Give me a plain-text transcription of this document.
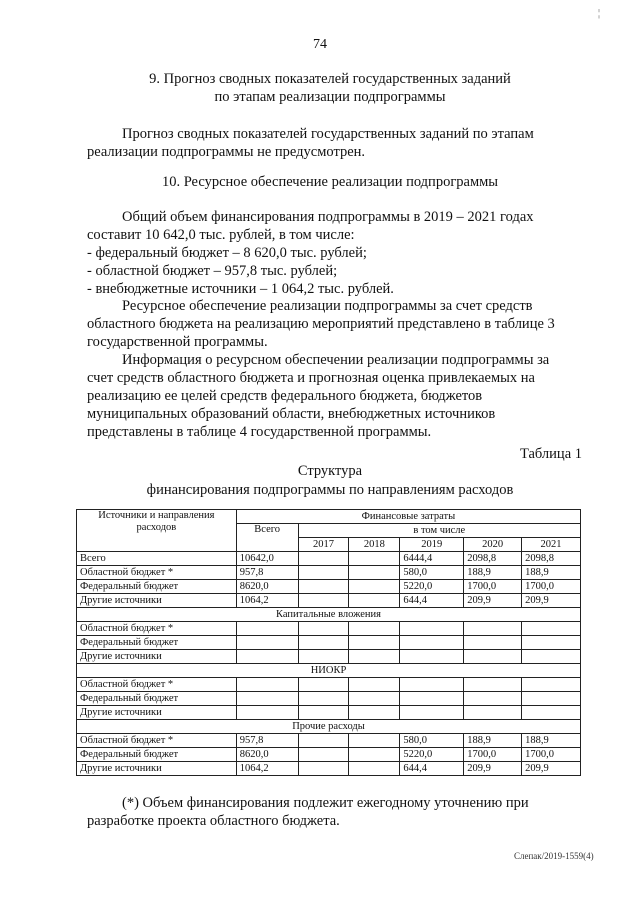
¦
74
9. Прогноз сводных показателей государственных заданий
по этапам реализации подпрограммы
Прогноз сводных показателей государственных заданий по этапам
реализации подпрограммы не предусмотрен.
10. Ресурсное обеспечение реализации подпрограммы
Общий объем финансирования подпрограммы в 2019 – 2021 годах
составит 10 642,0 тыс. рублей, в том числе:
- федеральный бюджет – 8 620,0 тыс. рублей;
- областной бюджет – 957,8 тыс. рублей;
- внебюджетные источники – 1 064,2 тыс. рублей.
Ресурсное обеспечение реализации подпрограммы за счет средств
областного бюджета на реализацию мероприятий представлено в таблице 3
государственной программы.
Информация о ресурсном обеспечении реализации подпрограммы за
счет средств областного бюджета и прогнозная оценка привлекаемых на
реализацию ее целей средств федерального бюджета, бюджетов
муниципальных образований области, внебюджетных источников
представлены в таблице 4 государственной программы.
Таблица 1
Структура
финансирования подпрограммы по направлениям расходов
Источники и направления расходов	Финансовые затраты					
	Всего	в том числе				
		2017	2018	2019	2020	2021
Всего	10642,0			6444,4	2098,8	2098,8
Областной бюджет *	957,8			580,0	188,9	188,9
Федеральный бюджет	8620,0			5220,0	1700,0	1700,0
Другие источники	1064,2			644,4	209,9	209,9
Капитальные вложения						
Областной бюджет *						
Федеральный бюджет						
Другие источники						
НИОКР						
Областной бюджет *						
Федеральный бюджет						
Другие источники						
Прочие расходы						
Областной бюджет *	957,8			580,0	188,9	188,9
Федеральный бюджет	8620,0			5220,0	1700,0	1700,0
Другие источники	1064,2			644,4	209,9	209,9
(*) Объем финансирования подлежит ежегодному уточнению при
разработке проекта областного бюджета.
Слепак/2019-1559(4)
